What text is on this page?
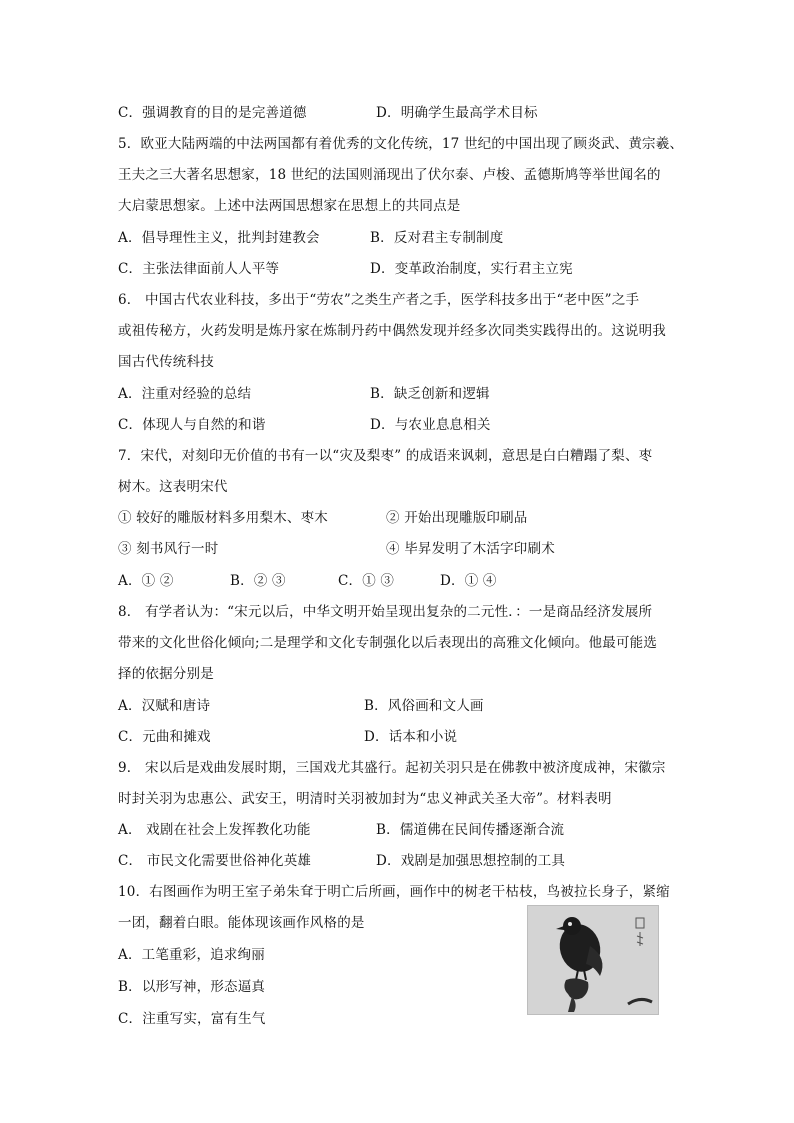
C．强调教育的目的是完善道德	D．明确学生最高学术目标
5．欧亚大陆两端的中法两国都有着优秀的文化传统，17 世纪的中国出现了顾炎武、黄宗羲、
王夫之三大著名思想家，18 世纪的法国则涌现出了伏尔泰、卢梭、孟德斯鸠等举世闻名的
大启蒙思想家。上述中法两国思想家在思想上的共同点是
A．倡导理性主义，批判封建教会	B．反对君主专制制度
C．主张法律面前人人平等	D．变革政治制度，实行君主立宪
6． 中国古代农业科技，多出于“劳农”之类生产者之手，医学科技多出于“老中医”之手
或祖传秘方，火药发明是炼丹家在炼制丹药中偶然发现并经多次同类实践得出的。这说明我
国古代传统科技
A．注重对经验的总结	B．缺乏创新和逻辑
C．体现人与自然的和谐	D．与农业息息相关
7．宋代，对刻印无价值的书有一以“灾及梨枣” 的成语来讽刺，意思是白白糟蹋了梨、枣
树木。这表明宋代
① 较好的雕版材料多用梨木、枣木	② 开始出现雕版印刷品
③ 刻书风行一时	④ 毕昇发明了木活字印刷术
A．① ②	B．② ③	C．① ③	D．① ④
8． 有学者认为：“宋元以后，中华文明开始呈现出复杂的二元性．：一是商品经济发展所
带来的文化世俗化倾向;二是理学和文化专制强化以后表现出的高雅文化倾向。他最可能选
择的依据分别是
A．汉赋和唐诗	B．风俗画和文人画
C．元曲和摊戏	D．话本和小说
9． 宋以后是戏曲发展时期，三国戏尤其盛行。起初关羽只是在佛教中被济度成神，宋徽宗
时封关羽为忠惠公、武安王，明清时关羽被加封为“忠义神武关圣大帝”。材料表明
A． 戏剧在社会上发挥教化功能	B．儒道佛在民间传播逐渐合流
C． 市民文化需要世俗神化英雄	D．戏剧是加强思想控制的工具
10．右图画作为明王室子弟朱耷于明亡后所画，画作中的树老干枯枝，鸟被拉长身子，紧缩
一团，翻着白眼。能体现该画作风格的是
A．工笔重彩，追求绚丽
B．以形写神，形态逼真
C．注重写实，富有生气
